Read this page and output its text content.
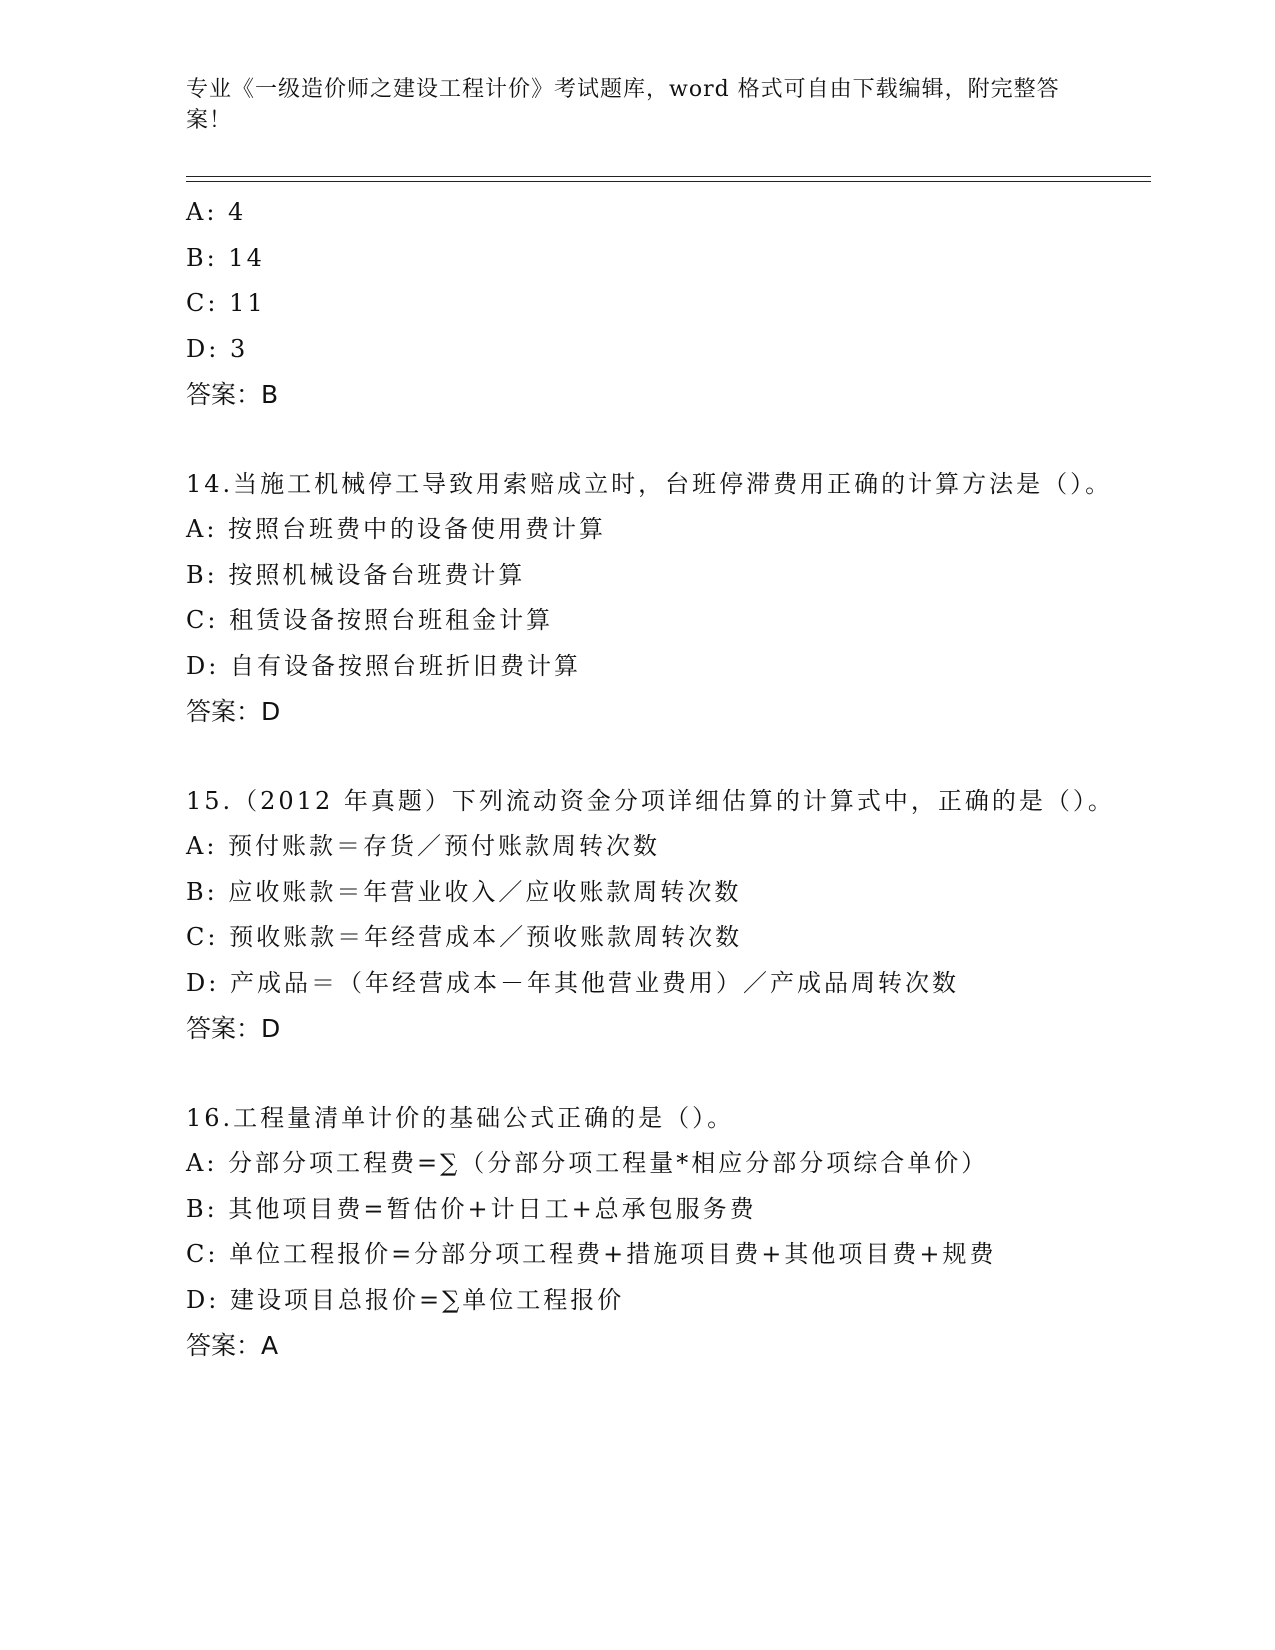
专业《一级造价师之建设工程计价》考试题库，word 格式可自由下载编辑，附完整答案！

A: 4

B: 14

C: 11

D: 3

答案：B

14.当施工机械停工导致用索赔成立时，台班停滞费用正确的计算方法是（）。

A: 按照台班费中的设备使用费计算

B: 按照机械设备台班费计算

C: 租赁设备按照台班租金计算

D: 自有设备按照台班折旧费计算

答案：D

15.（2012 年真题）下列流动资金分项详细估算的计算式中，正确的是（）。

A: 预付账款＝存货／预付账款周转次数

B: 应收账款＝年营业收入／应收账款周转次数

C: 预收账款＝年经营成本／预收账款周转次数

D: 产成品＝（年经营成本－年其他营业费用）／产成品周转次数

答案：D

16.工程量清单计价的基础公式正确的是（）。

A: 分部分项工程费=∑（分部分项工程量*相应分部分项综合单价）

B: 其他项目费=暂估价+计日工+总承包服务费

C: 单位工程报价=分部分项工程费+措施项目费+其他项目费+规费

D: 建设项目总报价=∑单位工程报价

答案：A
